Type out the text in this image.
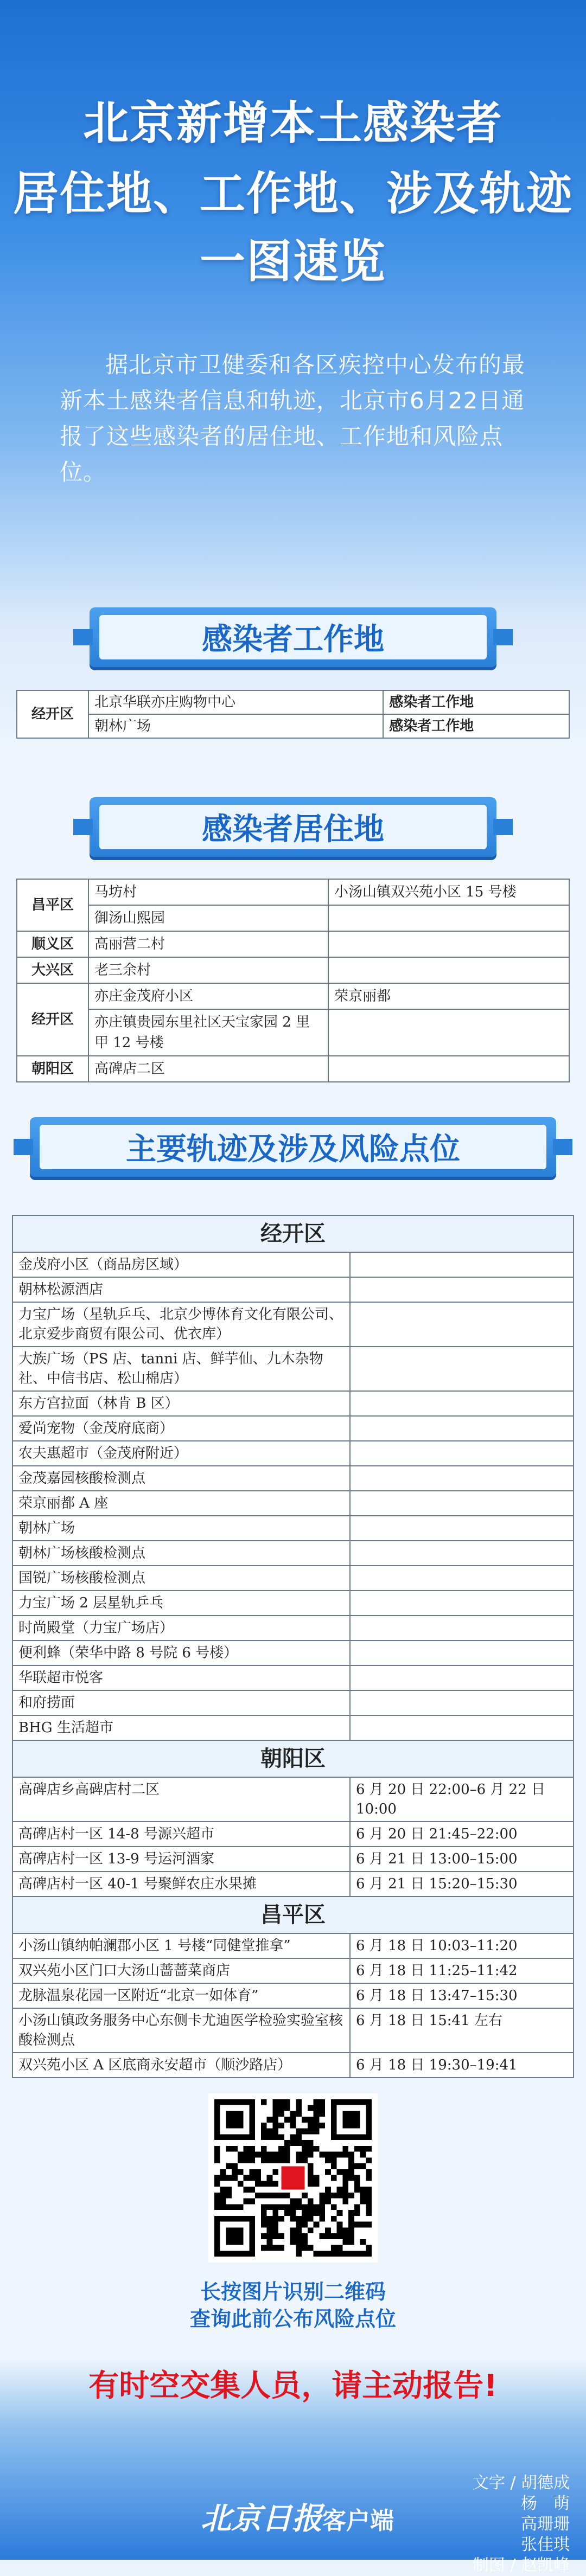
北京新增本土感染者
居住地、工作地、涉及轨迹
一图速览
据北京市卫健委和各区疾控中心发布的最新本土感染者信息和轨迹，北京市6月22日通报了这些感染者的居住地、工作地和风险点位。
感染者工作地
经开区	北京华联亦庄购物中心	感染者工作地
	朝林广场	感染者工作地
感染者居住地
昌平区	马坊村	小汤山镇双兴苑小区 15 号楼
	御汤山熙园	
顺义区	高丽营二村	
大兴区	老三余村	
经开区	亦庄金茂府小区	荣京丽都
	亦庄镇贵园东里社区天宝家园 2 里甲 12 号楼	
朝阳区	高碑店二区	
主要轨迹及涉及风险点位
经开区	
金茂府小区（商品房区域）	
朝林松源酒店	
力宝广场（星轨乒乓、北京少博体育文化有限公司、北京爱步商贸有限公司、优衣库）	
大族广场（PS 店、tanni 店、鲜芋仙、九木杂物社、中信书店、松山棉店）	
东方宫拉面（林肯 B 区）	
爱尚宠物（金茂府底商）	
农夫惠超市（金茂府附近）	
金茂嘉园核酸检测点	
荣京丽都 A 座	
朝林广场	
朝林广场核酸检测点	
国锐广场核酸检测点	
力宝广场 2 层星轨乒乓	
时尚殿堂（力宝广场店）	
便利蜂（荣华中路 8 号院 6 号楼）	
华联超市悦客	
和府捞面	
BHG 生活超市	
朝阳区	
高碑店乡高碑店村二区	6 月 20 日 22:00–6 月 22 日 10:00
高碑店村一区 14-8 号源兴超市	6 月 20 日 21:45–22:00
高碑店村一区 13-9 号运河酒家	6 月 21 日 13:00–15:00
高碑店村一区 40-1 号聚鲜农庄水果摊	6 月 21 日 15:20–15:30
昌平区	
小汤山镇纳帕澜郡小区 1 号楼“同健堂推拿”	6 月 18 日 10:03–11:20
双兴苑小区门口大汤山蔷蔷菜商店	6 月 18 日 11:25–11:42
龙脉温泉花园一区附近“北京一如体育”	6 月 18 日 13:47–15:30
小汤山镇政务服务中心东侧卡尤迪医学检验实验室核酸检测点	6 月 18 日 15:41 左右
双兴苑小区 A 区底商永安超市（顺沙路店）	6 月 18 日 19:30–19:41
长按图片识别二维码
查询此前公布风险点位
有时空交集人员，请主动报告!
北京日报客户端
文字 / 胡德成
杨　萌
高珊珊
张佳琪
制图 / 赵凯峰
